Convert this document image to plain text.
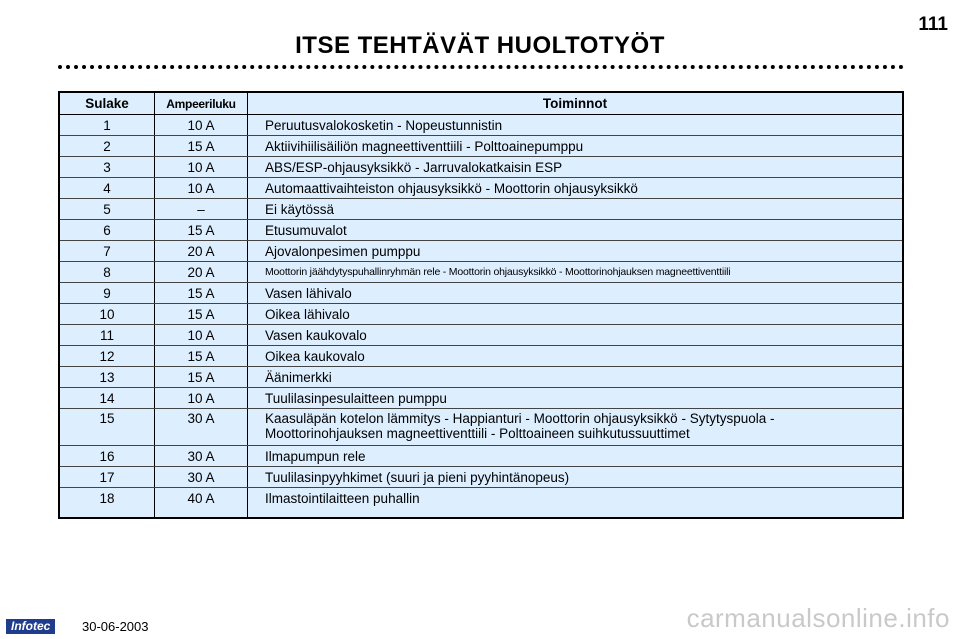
111
ITSE TEHTÄVÄT HUOLTOTYÖT
Sulake	Ampeeriluku	Toiminnot
1	10 A	Peruutusvalokosketin - Nopeustunnistin

2	15 A	Aktiivihiilisäiliön magneettiventtiili - Polttoainepumppu

3	10 A	ABS/ESP-ohjausyksikkö - Jarruvalokatkaisin ESP

4	10 A	Automaattivaihteiston ohjausyksikkö - Moottorin ohjausyksikkö

5	–	Ei käytössä

6	15 A	Etusumuvalot

7	20 A	Ajovalonpesimen pumppu

8	20 A	Moottorin jäähdytyspuhallinryhmän rele - Moottorin ohjausyksikkö - Moottorinohjauksen magneettiventtiili

9	15 A	Vasen lähivalo

10	15 A	Oikea lähivalo

11	10 A	Vasen kaukovalo

12	15 A	Oikea kaukovalo

13	15 A	Äänimerkki

14	10 A	Tuulilasinpesulaitteen pumppu

15	30 A	Kaasuläpän kotelon lämmitys - Happianturi - Moottorin ohjausyksikkö - Sytytyspuola -
Moottorinohjauksen magneettiventtiili - Polttoaineen suihkutussuuttimet

16	30 A	Ilmapumpun rele

17	30 A	Tuulilasinpyyhkimet (suuri ja pieni pyyhintänopeus)

18	40 A	Ilmastointilaitteen puhallin
Infotec	30-06-2003	carmanualsonline.info
